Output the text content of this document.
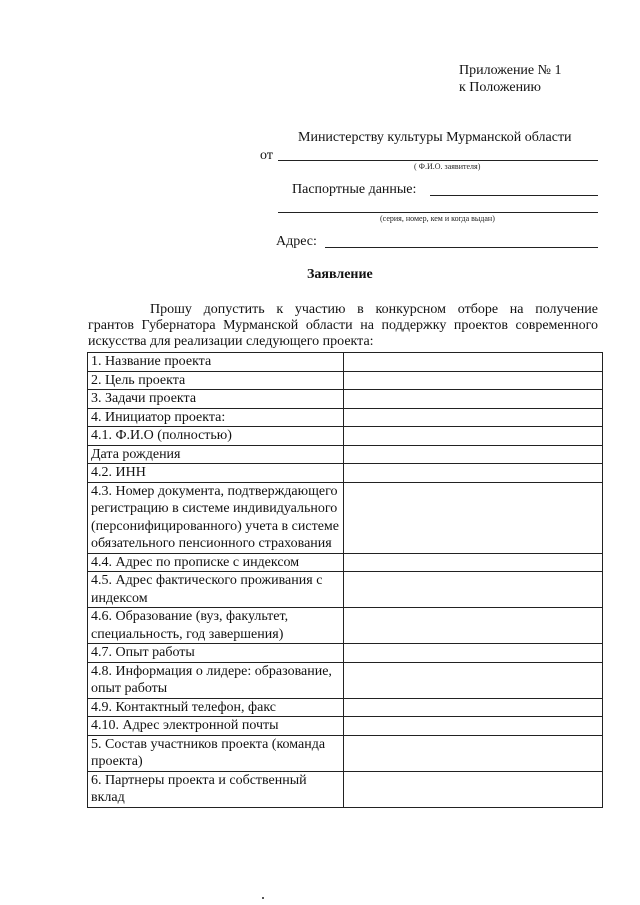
Приложение № 1
к Положению
Министерству культуры Мурманской области
от
( Ф.И.О. заявителя)
Паспортные данные:
(серия, номер, кем и когда выдан)
Адрес:
Заявление
Прошу допустить к участию в конкурсном отборе на получение
грантов Губернатора Мурманской области на поддержку проектов современного искусства для реализации следующего проекта:
1. Название проекта	
2. Цель проекта	
3. Задачи проекта	
4. Инициатор проекта:	
4.1. Ф.И.О (полностью)	
Дата рождения	
4.2. ИНН	
4.3. Номер документа, подтверждающего регистрацию в системе индивидуального (персонифицированного) учета в системе обязательного пенсионного страхования	
4.4. Адрес по прописке с индексом	
4.5. Адрес фактического проживания с индексом	
4.6. Образование (вуз, факультет, специальность, год завершения)	
4.7. Опыт работы	
4.8. Информация о лидере: образование, опыт работы	
4.9. Контактный телефон, факс	
4.10. Адрес электронной почты	
5. Состав участников проекта (команда проекта)	
6. Партнеры проекта и собственный вклад	
